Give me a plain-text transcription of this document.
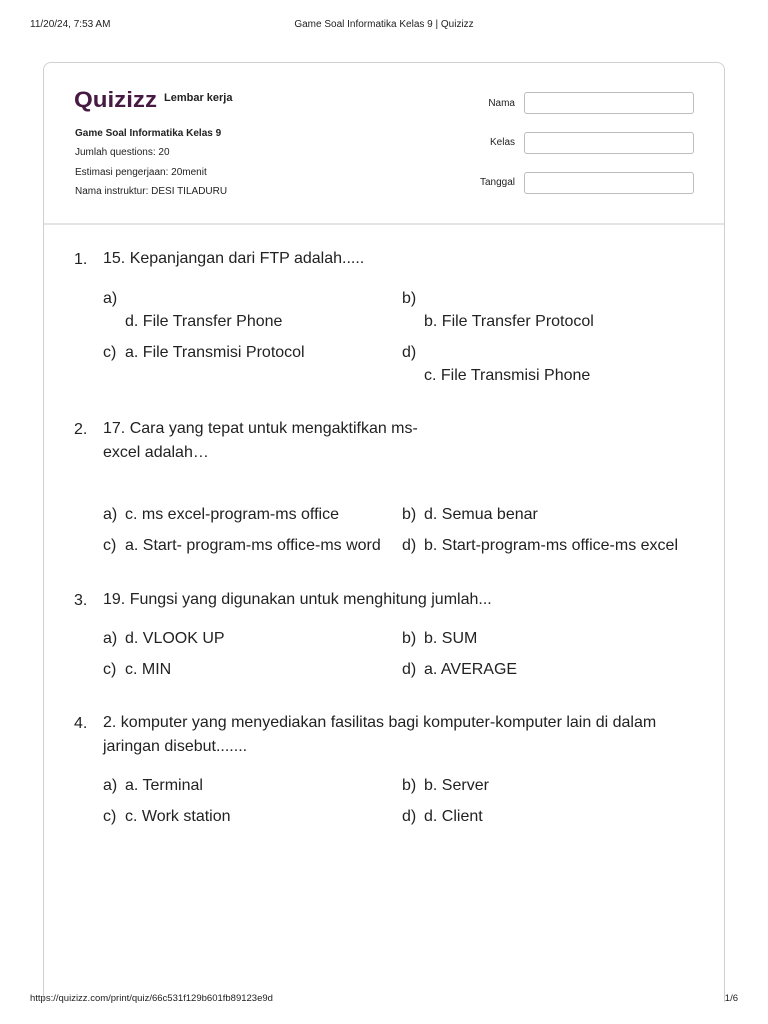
11/20/24, 7:53 AM	Game Soal Informatika Kelas 9 | Quizizz
Quizizz Lembar kerja
Game Soal Informatika Kelas 9
Jumlah questions: 20
Estimasi pengerjaan: 20menit
Nama instruktur: DESI TILADURU
Nama
Kelas
Tanggal
1. 15. Kepanjangan dari FTP adalah.....
a)
d. File Transfer Phone
b)
b. File Transfer Protocol
c) a. File Transmisi Protocol	d)
c. File Transmisi Phone
2. 17. Cara yang tepat untuk mengaktifkan ms-
excel adalah…
a) c. ms excel-program-ms office	b) d. Semua benar
c) a. Start- program-ms office-ms word d) b. Start-program-ms office-ms excel
3. 19. Fungsi yang digunakan untuk menghitung jumlah...
a) d. VLOOK UP	b) b. SUM
c) c. MIN	d) a. AVERAGE
4. 2. komputer yang menyediakan fasilitas bagi komputer-komputer lain di dalam
jaringan disebut.......
a) a. Terminal	b) b. Server
c) c. Work station	d) d. Client
https://quizizz.com/print/quiz/66c531f129b601fb89123e9d	1/6
